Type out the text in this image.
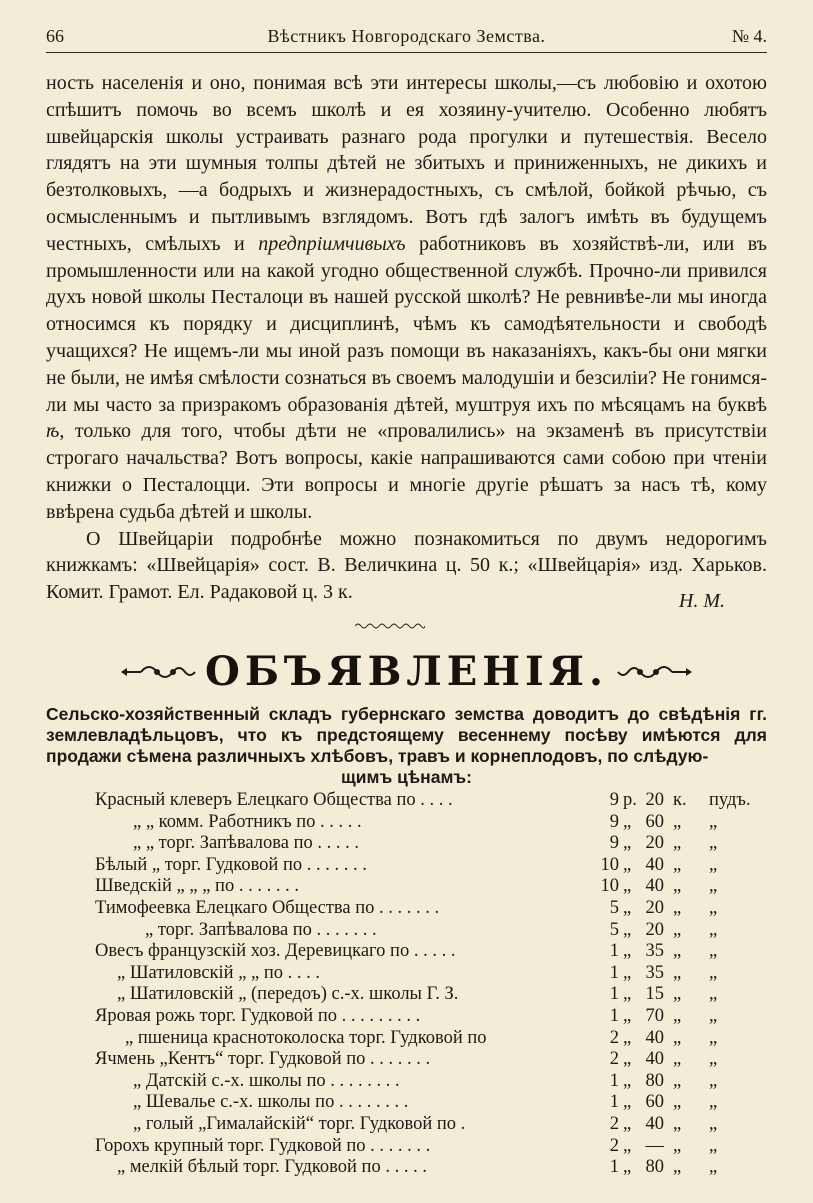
66	Вѣстникъ Новгородскаго Земства.	№ 4.

ность населенія и оно, понимая всѣ эти интересы школы,—съ любовію и охотою спѣшитъ помочь во всемъ школѣ и ея хозяину-учителю. Особенно любятъ швейцарскія школы устраивать разнаго рода прогулки и путешествія. Весело глядятъ на эти шумныя толпы дѣтей не збитыхъ и приниженныхъ, не дикихъ и безтолковыхъ, —а бодрыхъ и жизнерадостныхъ, съ смѣлой, бойкой рѣчью, съ осмысленнымъ и пытливымъ взглядомъ. Вотъ гдѣ залогъ имѣть въ будущемъ честныхъ, смѣлыхъ и предпріимчивыхъ работниковъ въ хозяйствѣ-ли, или въ промышленности или на какой угодно общественной службѣ. Прочно-ли привился духъ новой школы Песталоци въ нашей русской школѣ? Не ревнивѣе-ли мы иногда относимся къ порядку и дисциплинѣ, чѣмъ къ самодѣятельности и свободѣ учащихся? Не ищемъ-ли мы иной разъ помощи въ наказаніяхъ, какъ-бы они мягки не были, не имѣя смѣлости сознаться въ своемъ малодушіи и безсиліи? Не гонимся-ли мы часто за призракомъ образованія дѣтей, муштруя ихъ по мѣсяцамъ на буквѣ ѣ, только для того, чтобы дѣти не «провалились» на экзаменѣ въ присутствіи строгаго начальства? Вотъ вопросы, какіе напрашиваются сами собою при чтеніи книжки о Песталоцци. Эти вопросы и многіе другіе рѣшатъ за насъ тѣ, кому ввѣрена судьба дѣтей и школы.

О Швейцаріи подробнѣе можно познакомиться по двумъ недорогимъ книжкамъ: «Швейцарія» сост. В. Величкина ц. 50 к.; «Швейцарія» изд. Харьков. Комит. Грамот. Ел. Радаковой ц. 3 к.	Н. М.
ОБЪЯВЛЕНІЯ.
Сельско-хозяйственный складъ губернскаго земства доводитъ до свѣдѣнія гг. землевладѣльцовъ, что къ предстоящему весеннему посѣву имѣются для продажи сѣмена различныхъ хлѣбовъ, травъ и корнеплодовъ, по слѣдую-
щимъ цѣнамъ:
Красный клеверъ Елецкаго Общества по . . . .	9 р. 20 к. пудъ.
„ „ комм. Работникъ по . . . . .	9 „ 60 „ „
„ „ торг. Запѣвалова по . . . . .	9 „ 20 „ „
Бѣлый „ торг. Гудковой по . . . . . . .	10 „ 40 „ „
Шведскій „ „ „ по . . . . . . .	10 „ 40 „ „
Тимофеевка Елецкаго Общества по . . . . . . .	5 „ 20 „ „
„ торг. Запѣвалова по . . . . . . .	5 „ 20 „ „
Овесъ французскій хоз. Деревицкаго по . . . . .	1 „ 35 „ „
„ Шатиловскій „ „ по . . . .	1 „ 35 „ „
„ Шатиловскій „ (передоъ) с.-х. школы Г. З.	1 „ 15 „ „
Яровая рожь торг. Гудковой по . . . . . . . . .	1 „ 70 „ „
„ пшеница краснотоколоска торг. Гудковой по	2 „ 40 „ „
Ячмень „Кентъ“ торг. Гудковой по . . . . . . .	2 „ 40 „ „
„ Датскій с.-х. школы по . . . . . . . .	1 „ 80 „ „
„ Шевалье с.-х. школы по . . . . . . . .	1 „ 60 „ „
„ голый „Гималайскій“ торг. Гудковой по .	2 „ 40 „ „
Горохъ крупный торг. Гудковой по . . . . . . .	2 „ — „ „
„ мелкій бѣлый торг. Гудковой по . . . . .	1 „ 80 „ „
